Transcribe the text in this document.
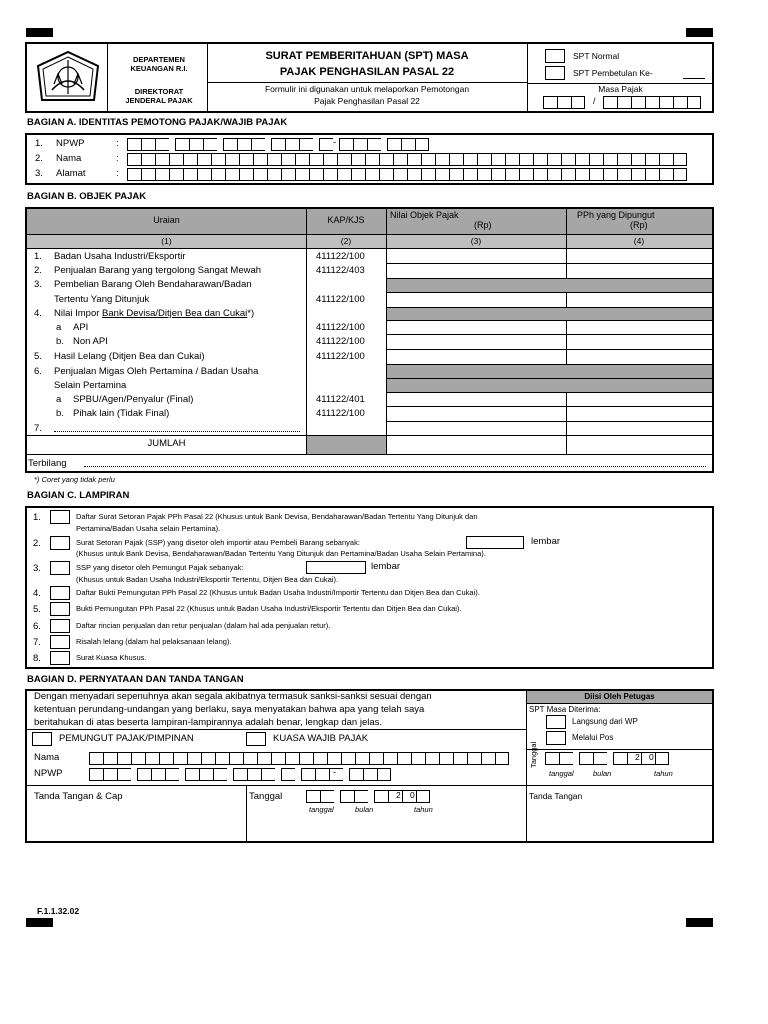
DEPARTEMEN
KEUANGAN R.I.
DIREKTORAT
JENDERAL PAJAK
SURAT PEMBERITAHUAN (SPT) MASA
PAJAK PENGHASILAN PASAL 22
Formulir ini digunakan untuk melaporkan Pemotongan
Pajak Penghasilan Pasal 22
SPT Normal
SPT Pembetulan Ke-
Masa Pajak
/
BAGIAN A. IDENTITAS PEMOTONG PAJAK/WAJIB PAJAK
1. NPWP	:	-
2. Nama	:
3. Alamat	:
BAGIAN B. OBJEK PAJAK
Uraian	KAP/KJS	Nilai Objek Pajak
(Rp)
PPh yang Dipungut
(Rp)
(1)	(2)	(3)	(4)
1. Badan Usaha Industri/Eksportir	411122/100
2. Penjualan Barang yang tergolong Sangat Mewah	411122/403
3. Pembelian Barang Oleh Bendaharawan/Badan
Tertentu Yang Ditunjuk	411122/100
4. Nilai Impor Bank Devisa/Ditjen Bea dan Cukai*)
a API	411122/100
b. Non API	411122/100
5. Hasil Lelang (Ditjen Bea dan Cukai)	411122/100
6. Penjualan Migas Oleh Pertamina / Badan Usaha
Selain Pertamina
a SPBU/Agen/Penyalur (Final)	411122/401
b. Pihak lain (Tidak Final)	411122/100
7.
JUMLAH
Terbilang
*) Coret yang tidak perlu
BAGIAN C. LAMPIRAN
1.	Daftar Surat Setoran Pajak PPh Pasal 22 (Khusus untuk Bank Devisa, Bendaharawan/Badan Tertentu Yang Ditunjuk dan
Pertamina/Badan Usaha selain Pertamina).
2.	Surat Setoran Pajak (SSP) yang disetor oleh importir atau Pembeli Barang sebanyak:	lembar
(Khusus untuk Bank Devisa, Bendaharawan/Badan Tertentu Yang Ditunjuk dan Pertamina/Badan Usaha Selain Pertamina).
3.	SSP yang disetor oleh Pemungut Pajak sebanyak:	lembar
(Khusus untuk Badan Usaha Industri/Eksportir Tertentu, Ditjen Bea dan Cukai).
4.	Daftar Bukti Pemungutan PPh Pasal 22 (Khusus untuk Badan Usaha Industri/Importir Tertentu dan Ditjen Bea dan Cukai).
5.	Bukti Pemungutan PPh Pasal 22 (Khusus untuk Badan Usaha Industri/Eksportir Tertentu dan Ditjen Bea dan Cukai).
6.	Daftar rincian penjualan dan retur penjualan (dalam hal ada penjualan retur).
7.	Risalah lelang (dalam hal pelaksanaan lelang).
8.	Surat Kuasa Khusus.
BAGIAN D. PERNYATAAN DAN TANDA TANGAN
Diisi Oleh Petugas
SPT Masa Diterima:
Langsung dari WP
Melalui Pos
Tanggal	2 0
tanggal	bulan	tahun
Tanda Tangan
Dengan menyadari sepenuhnya akan segala akibatnya termasuk sanksi-sanksi sesuai dengan
ketentuan perundang-undangan yang berlaku, saya menyatakan bahwa apa yang telah saya
beritahukan di atas beserta lampiran-lampirannya adalah benar, lengkap dan jelas.
PEMUNGUT PAJAK/PIMPINAN	KUASA WAJIB PAJAK
Nama
NPWP	-
Tanda Tangan & Cap	Tanggal	2 0
tanggal	bulan	tahun
F.1.1.32.02
